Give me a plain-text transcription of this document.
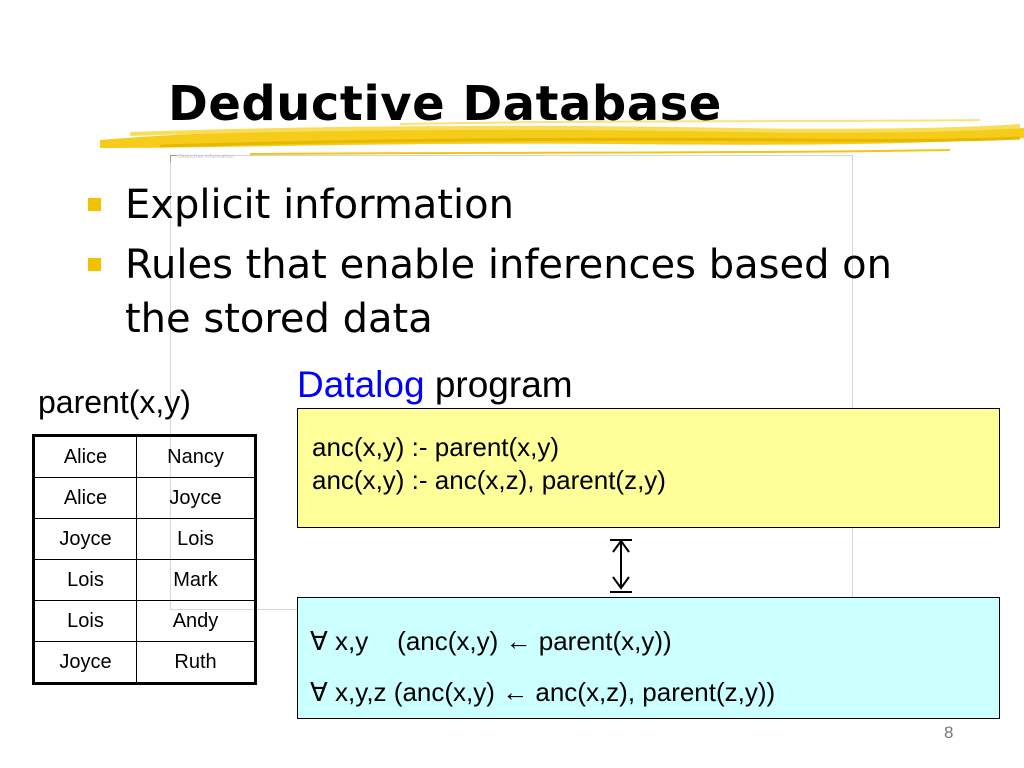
Deductive Database
Deductive information
Explicit information
Rules that enable inferences based on the stored data
parent(x,y)
Alice	Nancy
Alice	Joyce
Joyce	Lois
Lois	Mark
Lois	Andy
Joyce	Ruth
Datalog program
anc(x,y) :- parent(x,y)
anc(x,y) :- anc(x,z), parent(z,y)
∀ x,y (anc(x,y) ← parent(x,y))
∀ x,y,z (anc(x,y) ← anc(x,z), parent(z,y))
8
